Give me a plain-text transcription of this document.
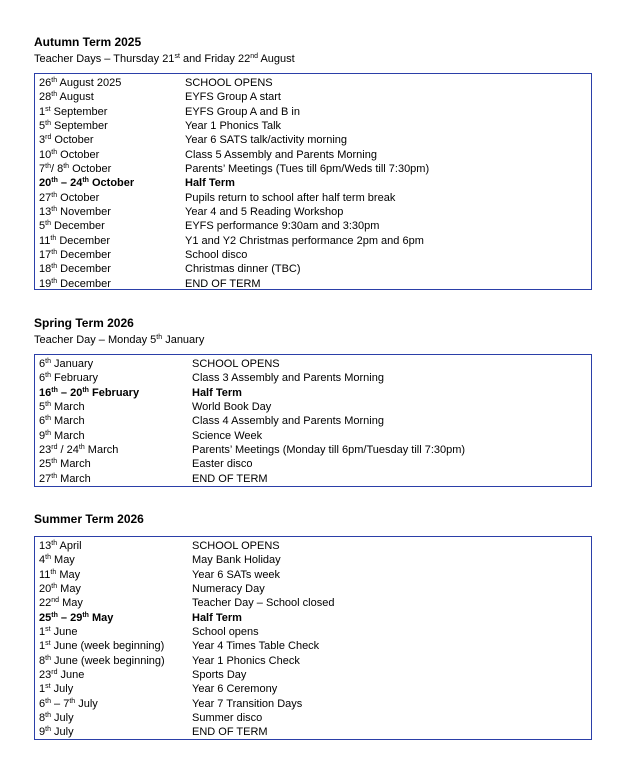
Autumn Term 2025

Teacher Days – Thursday 21st and Friday 22nd August

26th August 2025	SCHOOL OPENS
28th August	EYFS Group A start
1st September	EYFS Group A and B in
5th September	Year 1 Phonics Talk
3rd October	Year 6 SATS talk/activity morning
10th October	Class 5 Assembly and Parents Morning
7th/ 8th October	Parents’ Meetings (Tues till 6pm/Weds till 7:30pm)
20th – 24th October	Half Term
27th October	Pupils return to school after half term break
13th November	Year 4 and 5 Reading Workshop
5th December	EYFS performance 9:30am and 3:30pm
11th December	Y1 and Y2 Christmas performance 2pm and 6pm
17th December	School disco
18th December	Christmas dinner (TBC)
19th December	END OF TERM
Spring Term 2026

Teacher Day – Monday 5th January

6th January	SCHOOL OPENS
6th February	Class 3 Assembly and Parents Morning
16th – 20th February	Half Term
5th March	World Book Day
6th March	Class 4 Assembly and Parents Morning
9th March	Science Week
23rd / 24th March	Parents’ Meetings (Monday till 6pm/Tuesday till 7:30pm)
25th March	Easter disco
27th March	END OF TERM
Summer Term 2026
13th April	SCHOOL OPENS
4th May	May Bank Holiday
11th May	Year 6 SATs week
20th May	Numeracy Day
22nd May	Teacher Day – School closed
25th – 29th May	Half Term
1st June	School opens
1st June (week beginning)	Year 4 Times Table Check
8th June (week beginning)	Year 1 Phonics Check
23rd June	Sports Day
1st July	Year 6 Ceremony
6th – 7th July	Year 7 Transition Days
8th July	Summer disco
9th July	END OF TERM
